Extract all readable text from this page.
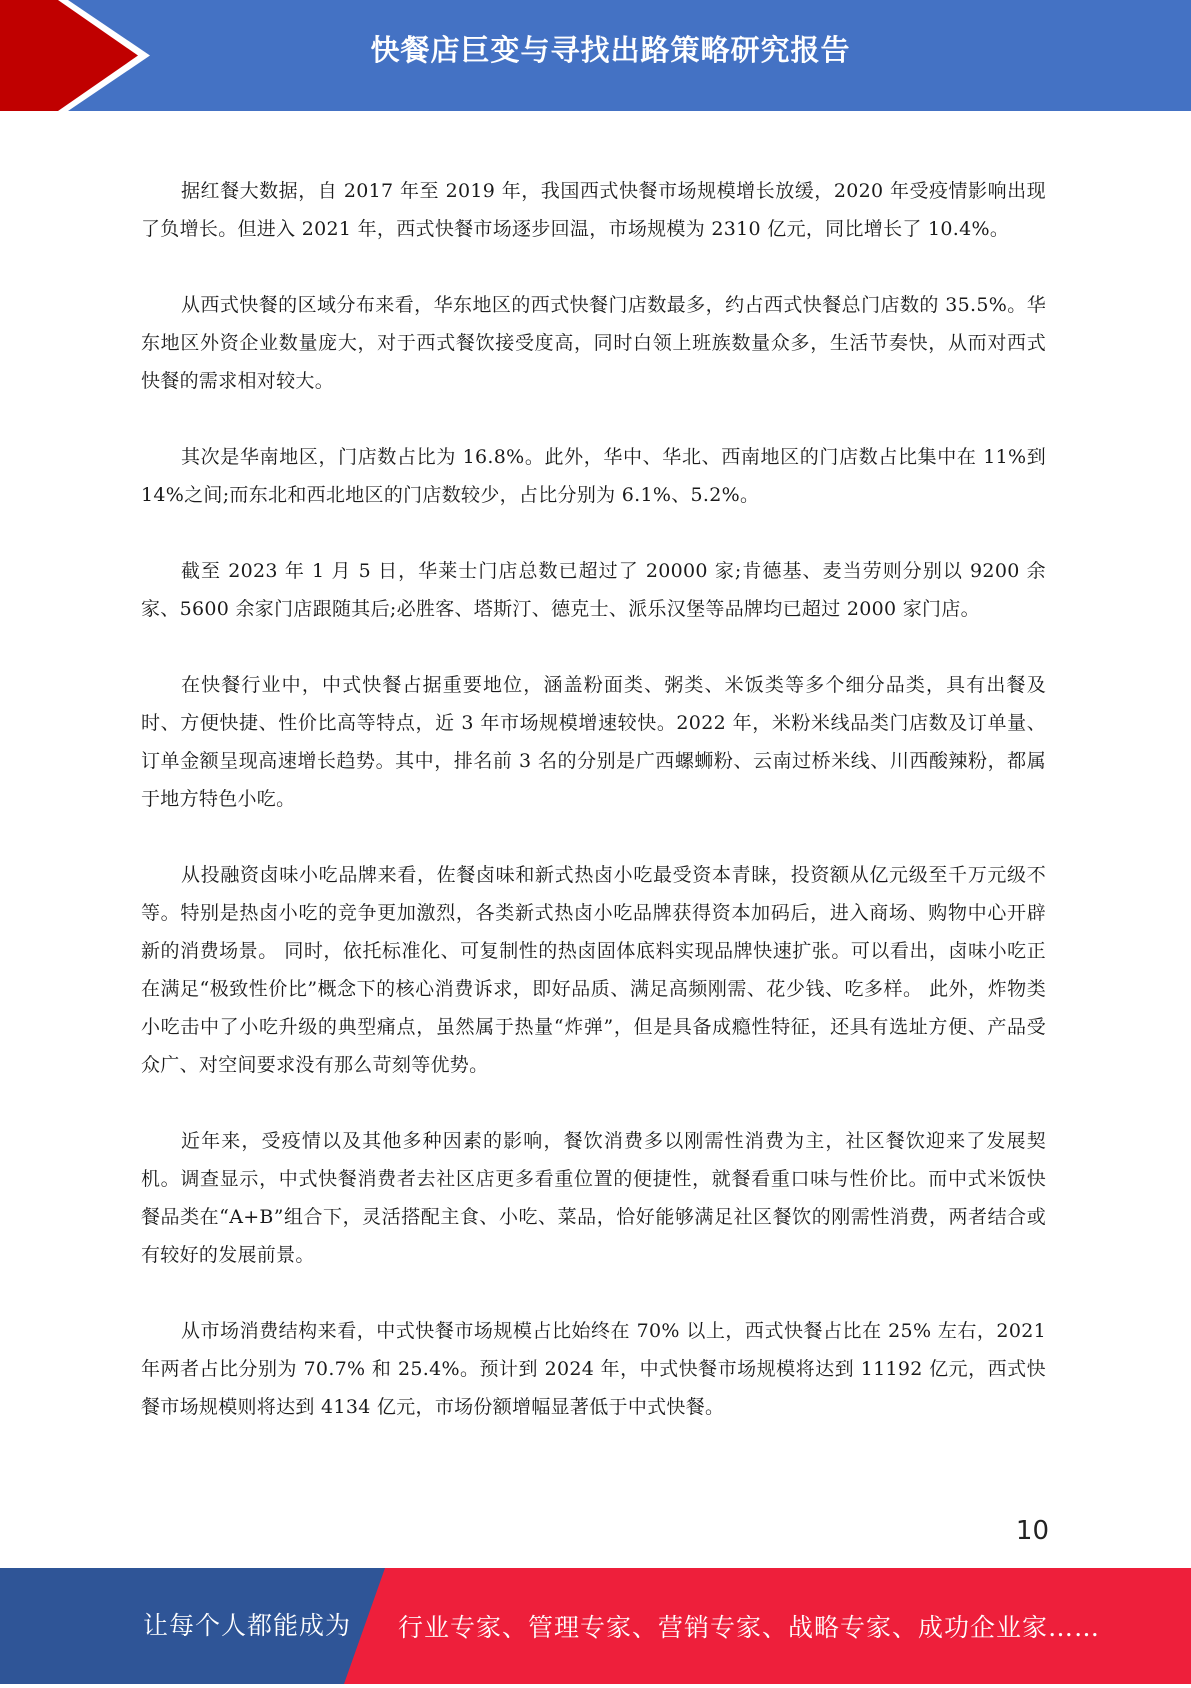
快餐店巨变与寻找出路策略研究报告

据红餐大数据，自 2017 年至 2019 年，我国西式快餐市场规模增长放缓，2020 年受疫情影响出现了负增长。但进入 2021 年，西式快餐市场逐步回温，市场规模为 2310 亿元，同比增长了 10.4%。

从西式快餐的区域分布来看，华东地区的西式快餐门店数最多，约占西式快餐总门店数的 35.5%。华东地区外资企业数量庞大，对于西式餐饮接受度高，同时白领上班族数量众多，生活节奏快，从而对西式快餐的需求相对较大。

其次是华南地区，门店数占比为 16.8%。此外，华中、华北、西南地区的门店数占比集中在 11%到 14%之间;而东北和西北地区的门店数较少，占比分别为 6.1%、5.2%。

截至 2023 年 1 月 5 日，华莱士门店总数已超过了 20000 家;肯德基、麦当劳则分别以 9200 余家、5600 余家门店跟随其后;必胜客、塔斯汀、德克士、派乐汉堡等品牌均已超过 2000 家门店。

在快餐行业中，中式快餐占据重要地位，涵盖粉面类、粥类、米饭类等多个细分品类，具有出餐及时、方便快捷、性价比高等特点，近 3 年市场规模增速较快。2022 年，米粉米线品类门店数及订单量、订单金额呈现高速增长趋势。其中，排名前 3 名的分别是广西螺蛳粉、云南过桥米线、川西酸辣粉，都属于地方特色小吃。

从投融资卤味小吃品牌来看，佐餐卤味和新式热卤小吃最受资本青睐，投资额从亿元级至千万元级不等。特别是热卤小吃的竞争更加激烈，各类新式热卤小吃品牌获得资本加码后，进入商场、购物中心开辟新的消费场景。 同时，依托标准化、可复制性的热卤固体底料实现品牌快速扩张。可以看出，卤味小吃正在满足“极致性价比”概念下的核心消费诉求，即好品质、满足高频刚需、花少钱、吃多样。 此外，炸物类小吃击中了小吃升级的典型痛点，虽然属于热量“炸弹”，但是具备成瘾性特征，还具有选址方便、产品受众广、对空间要求没有那么苛刻等优势。

近年来，受疫情以及其他多种因素的影响，餐饮消费多以刚需性消费为主，社区餐饮迎来了发展契机。调查显示，中式快餐消费者去社区店更多看重位置的便捷性，就餐看重口味与性价比。而中式米饭快餐品类在“A+B”组合下，灵活搭配主食、小吃、菜品，恰好能够满足社区餐饮的刚需性消费，两者结合或有较好的发展前景。

从市场消费结构来看，中式快餐市场规模占比始终在 70% 以上，西式快餐占比在 25% 左右，2021 年两者占比分别为 70.7% 和 25.4%。预计到 2024 年，中式快餐市场规模将达到 11192 亿元，西式快餐市场规模则将达到 4134 亿元，市场份额增幅显著低于中式快餐。

10
让每个人都能成为 行业专家、管理专家、营销专家、战略专家、成功企业家……
